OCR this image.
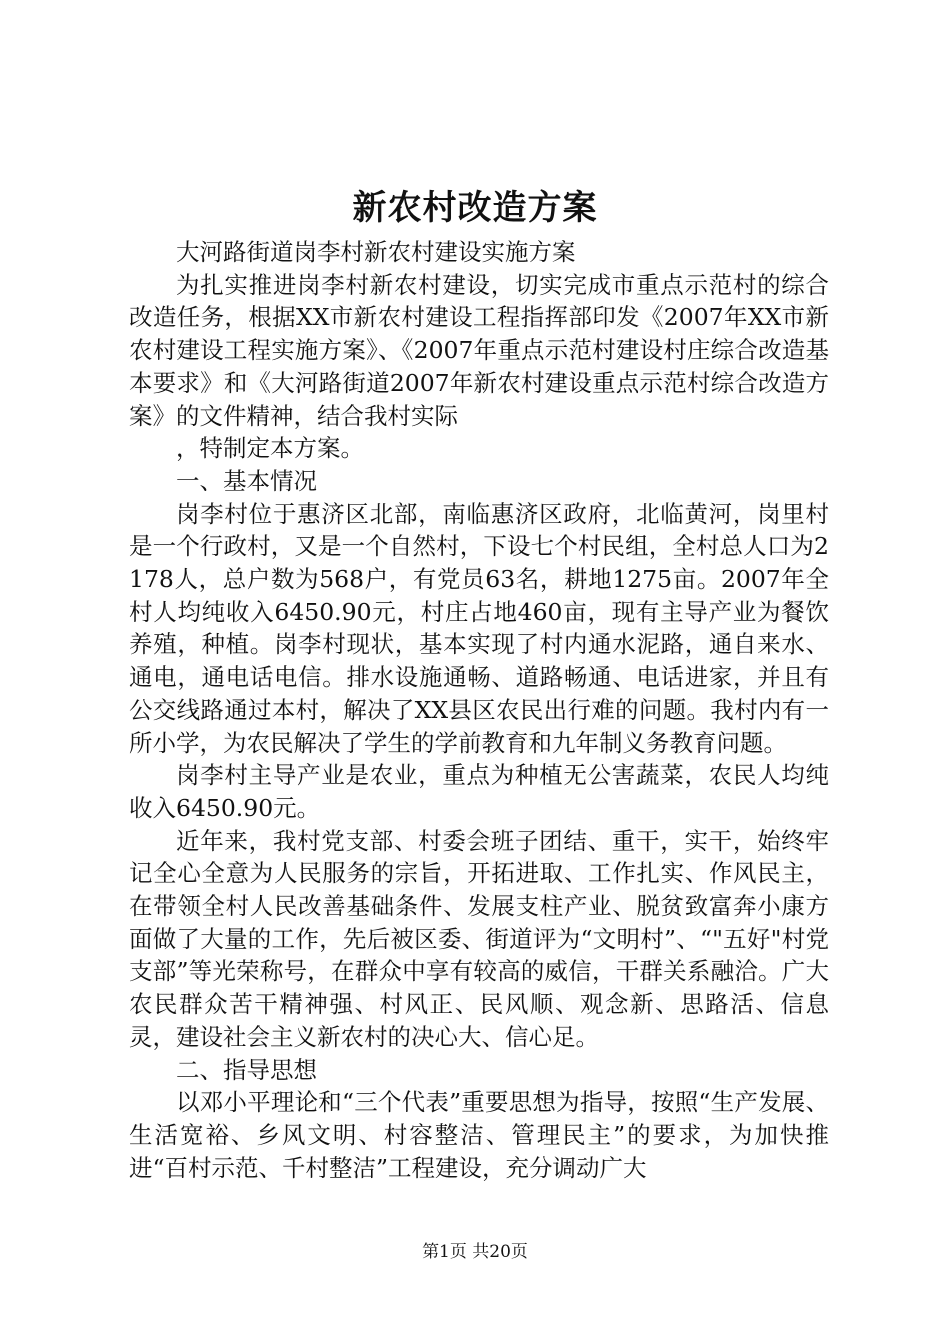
新农村改造方案

大河路街道岗李村新农村建设实施方案

为扎实推进岗李村新农村建设，切实完成市重点示范村的综合改造任务，根据XX市新农村建设工程指挥部印发《2007年XX市新农村建设工程实施方案》、《2007年重点示范村建设村庄综合改造基本要求》和《大河路街道2007年新农村建设重点示范村综合改造方案》的文件精神，结合我村实际

，特制定本方案。

一、基本情况

岗李村位于惠济区北部，南临惠济区政府，北临黄河，岗里村是一个行政村，又是一个自然村，下设七个村民组，全村总人口为2178人，总户数为568户，有党员63名，耕地1275亩。2007年全村人均纯收入6450.90元，村庄占地460亩，现有主导产业为餐饮养殖，种植。岗李村现状，基本实现了村内通水泥路，通自来水、通电，通电话电信。排水设施通畅、道路畅通、电话进家，并且有公交线路通过本村，解决了XX县区农民出行难的问题。我村内有一所小学，为农民解决了学生的学前教育和九年制义务教育问题。

岗李村主导产业是农业，重点为种植无公害蔬菜，农民人均纯收入6450.90元。

近年来，我村党支部、村委会班子团结、重干，实干，始终牢记全心全意为人民服务的宗旨，开拓进取、工作扎实、作风民主，在带领全村人民改善基础条件、发展支柱产业、脱贫致富奔小康方面做了大量的工作，先后被区委、街道评为“文明村”、“"五好"村党支部”等光荣称号，在群众中享有较高的威信，干群关系融洽。广大农民群众苦干精神强、村风正、民风顺、观念新、思路活、信息灵，建设社会主义新农村的决心大、信心足。

二、指导思想

以邓小平理论和“三个代表”重要思想为指导，按照“生产发展、生活宽裕、乡风文明、村容整洁、管理民主”的要求，为加快推进“百村示范、千村整洁”工程建设，充分调动广大

第1页 共20页
